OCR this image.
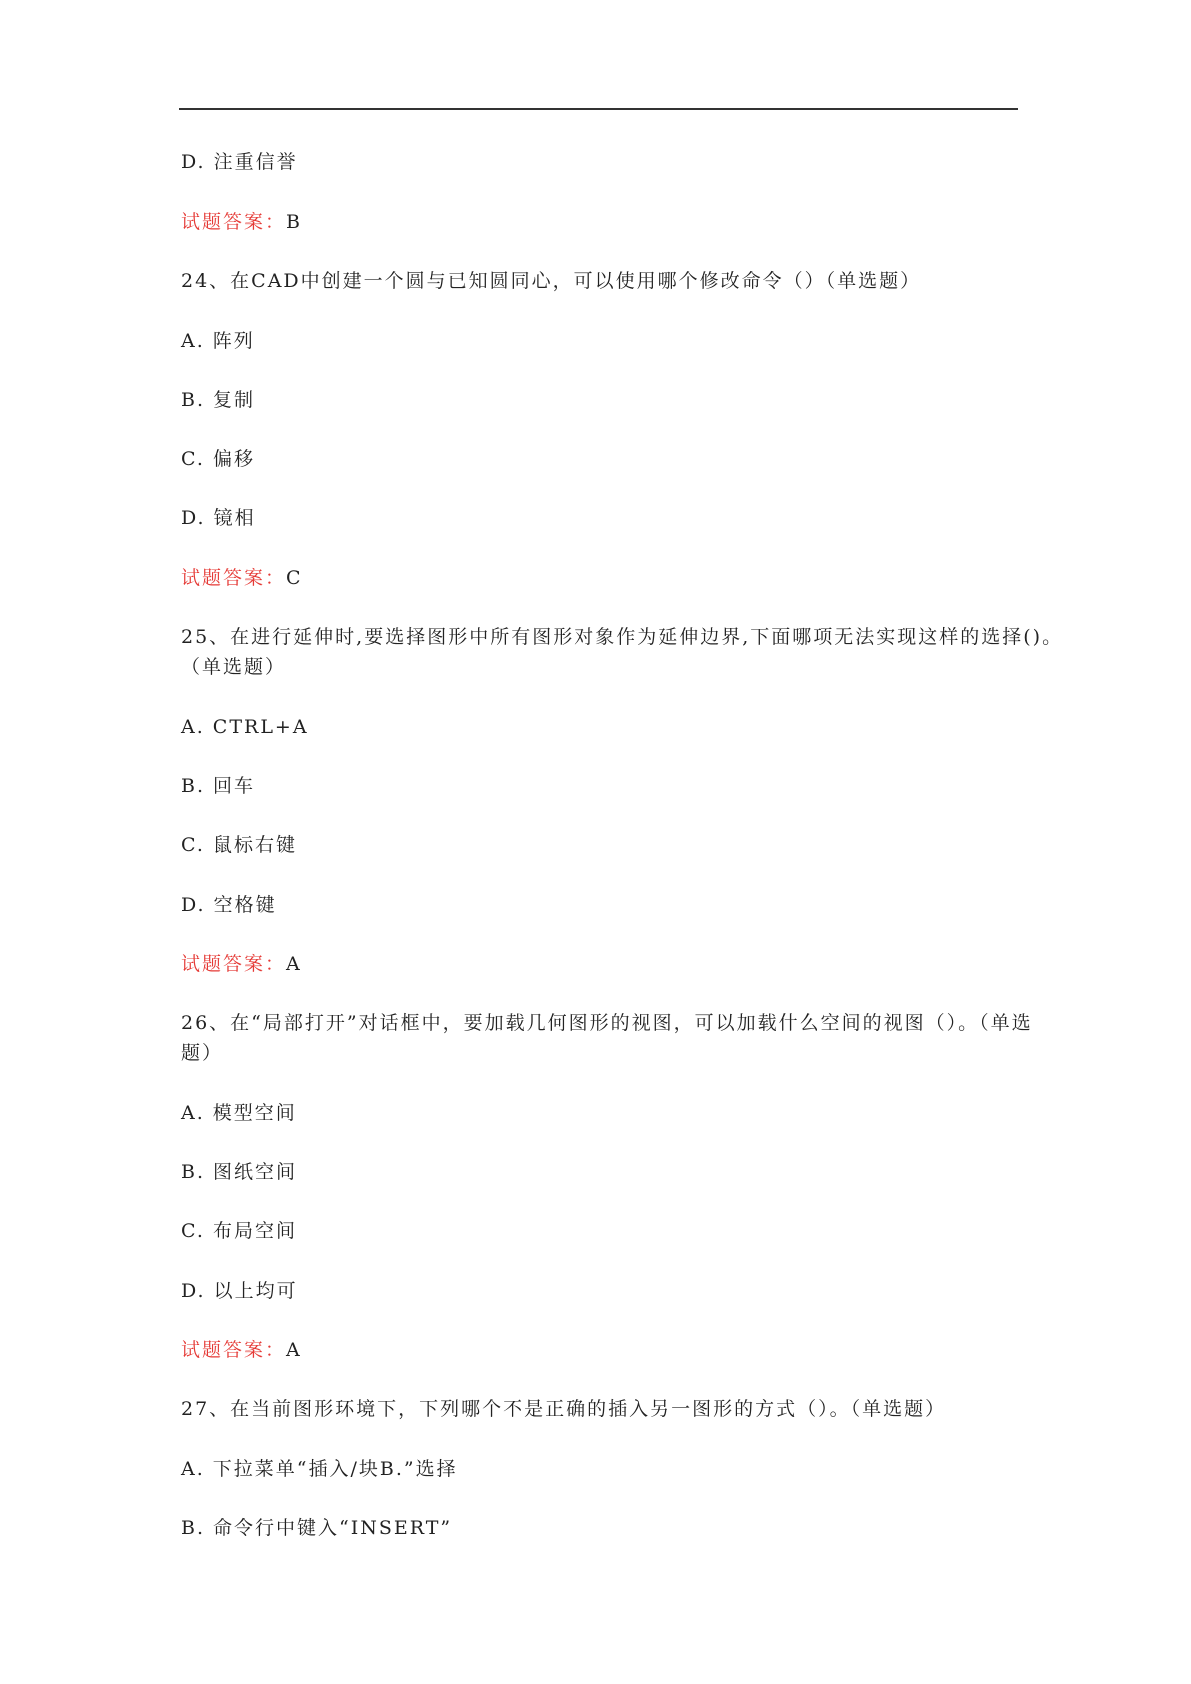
D. 注重信誉
试题答案：B
24、在CAD中创建一个圆与已知圆同心，可以使用哪个修改命令（）（单选题）
A. 阵列
B. 复制
C. 偏移
D. 镜相
试题答案：C
25、在进行延伸时,要选择图形中所有图形对象作为延伸边界,下面哪项无法实现这样的选择()。
（单选题）
A. CTRL+A
B. 回车
C. 鼠标右键
D. 空格键
试题答案：A
26、在“局部打开”对话框中，要加载几何图形的视图，可以加载什么空间的视图（）。（单选
题）
A. 模型空间
B. 图纸空间
C. 布局空间
D. 以上均可
试题答案：A
27、在当前图形环境下，下列哪个不是正确的插入另一图形的方式（）。（单选题）
A. 下拉菜单“插入/块B.”选择
B. 命令行中键入“INSERT”
